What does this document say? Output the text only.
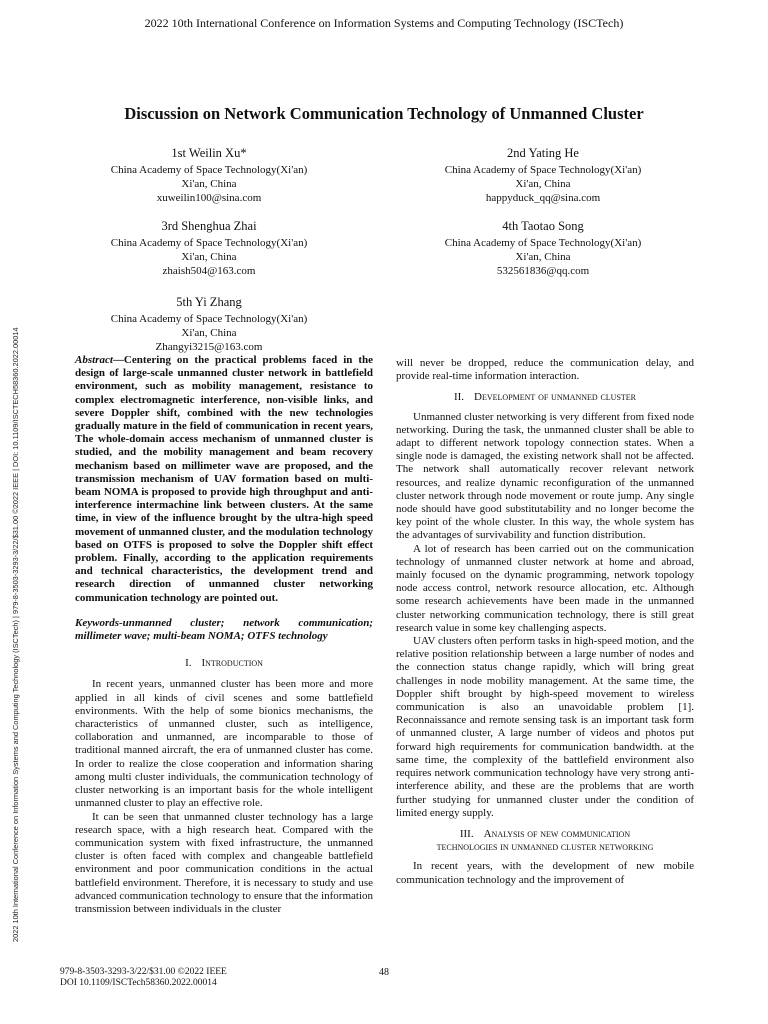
2022 10th International Conference on Information Systems and Computing Technology (ISCTech)
Discussion on Network Communication Technology of Unmanned Cluster
1st Weilin Xu*
China Academy of Space Technology(Xi'an)
Xi'an, China
xuweilin100@sina.com
2nd Yating He
China Academy of Space Technology(Xi'an)
Xi'an, China
happyduck_qq@sina.com
3rd Shenghua Zhai
China Academy of Space Technology(Xi'an)
Xi'an, China
zhaish504@163.com
4th Taotao Song
China Academy of Space Technology(Xi'an)
Xi'an, China
532561836@qq.com
5th Yi Zhang
China Academy of Space Technology(Xi'an)
Xi'an, China
Zhangyi3215@163.com
2022 10th International Conference on Information Systems and Computing Technology (ISCTech) | 979-8-3503-3293-3/22/$31.00 ©2022 IEEE | DOI: 10.1109/ISCTECH58360.2022.00014	Abstract—Centering on the practical problems faced in the design of large-scale unmanned cluster network in battlefield environment, such as mobility management, resistance to complex electromagnetic interference, non-visible links, and severe Doppler shift, combined with the new technologies gradually mature in the field of communication in recent years, The whole-domain access mechanism of unmanned cluster is studied, and the mobility management and beam recovery mechanism based on millimeter wave are proposed, and the transmission mechanism of UAV formation based on multi-beam NOMA is proposed to provide high throughput and anti-interference intermachine link between clusters. At the same time, in view of the influence brought by the ultra-high speed movement of unmanned cluster, and the modulation technology based on OTFS is proposed to solve the Doppler shift effect problem. Finally, according to the application requirements and technical characteristics, the development trend and research direction of unmanned cluster networking communication technology are pointed out.

Keywords-unmanned cluster; network communication; millimeter wave; multi-beam NOMA; OTFS technology

I. Introduction

In recent years, unmanned cluster has been more and more applied in all kinds of civil scenes and some battlefield environments. With the help of some bionics mechanisms, the characteristics of unmanned cluster, such as intelligence, collaboration and unmanned, are incomparable to those of traditional manned aircraft, the era of unmanned cluster has come. In order to realize the close cooperation and information sharing among multi cluster individuals, the communication technology of cluster networking is an important basis for the whole intelligent unmanned cluster to play an effective role.

It can be seen that unmanned cluster technology has a large research space, with a high research heat. Compared with the communication system with fixed infrastructure, the unmanned cluster is often faced with complex and changeable battlefield environment and poor communication conditions in the actual battlefield environment. Therefore, it is necessary to study and use advanced communication technology to ensure that the information transmission between individuals in the cluster

will never be dropped, reduce the communication delay, and provide real-time information interaction.

II. Development of unmanned cluster

Unmanned cluster networking is very different from fixed node networking. During the task, the unmanned cluster shall be able to adapt to different network topology connection states. When a single node is damaged, the existing network shall not be affected. The network shall automatically recover relevant network resources, and realize dynamic reconfiguration of the unmanned cluster network through node movement or route jump. Any single node should have good substitutability and no longer become the key point of the whole cluster. In this way, the whole system has the advantages of survivability and function distribution.

A lot of research has been carried out on the communication technology of unmanned cluster network at home and abroad, mainly focused on the dynamic programming, network topology node access control, network resource allocation, etc. Although some research achievements have been made in the unmanned cluster networking communication technology, there is still great research value in some key challenging aspects.

UAV clusters often perform tasks in high-speed motion, and the relative position relationship between a large number of nodes and the connection status change rapidly, which will bring great challenges in node mobility management. At the same time, the Doppler shift brought by high-speed movement to wireless communication is also an unavoidable problem [1]. Reconnaissance and remote sensing task is an important task form of unmanned cluster, A large number of videos and photos put forward high requirements for communication bandwidth. at the same time, the complexity of the battlefield environment also requires network communication technology have very strong anti-interference ability, and these are the problems that are worth further studying for unmanned cluster under the condition of limited energy supply.

III. Analysis of new communication
technologies in unmanned cluster networking

In recent years, with the development of new mobile communication technology and the improvement of

979-8-3503-3293-3/22/$31.00 ©2022 IEEE
DOI 10.1109/ISCTech58360.2022.00014
48
